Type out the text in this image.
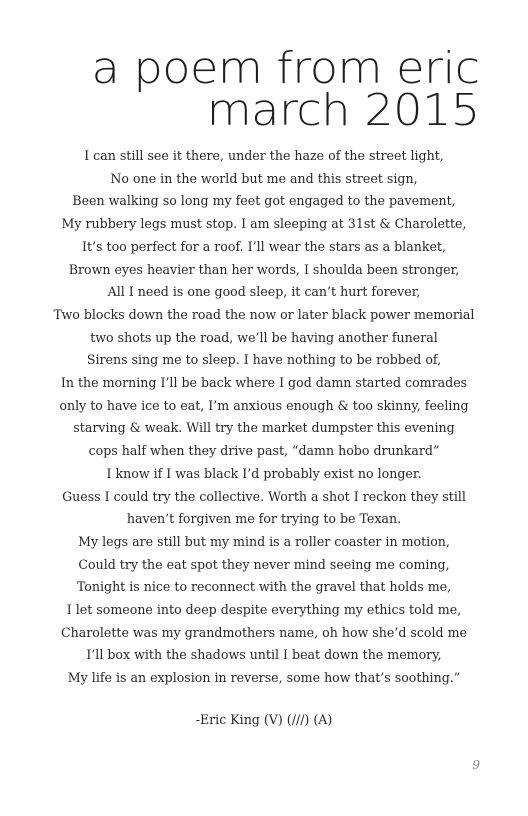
a poem from eric
march 2015
I can still see it there, under the haze of the street light,
No one in the world but me and this street sign,
Been walking so long my feet got engaged to the pavement,
My rubbery legs must stop. I am sleeping at 31st & Charolette,
It’s too perfect for a roof. I’ll wear the stars as a blanket,
Brown eyes heavier than her words, I shoulda been stronger,
All I need is one good sleep, it can’t hurt forever,
Two blocks down the road the now or later black power memorial
two shots up the road, we’ll be having another funeral
Sirens sing me to sleep. I have nothing to be robbed of,
In the morning I’ll be back where I god damn started comrades
only to have ice to eat, I’m anxious enough & too skinny, feeling
starving & weak. Will try the market dumpster this evening
cops half when they drive past, “damn hobo drunkard”
I know if I was black I’d probably exist no longer.
Guess I could try the collective. Worth a shot I reckon they still
haven’t forgiven me for trying to be Texan.
My legs are still but my mind is a roller coaster in motion,
Could try the eat spot they never mind seeing me coming,
Tonight is nice to reconnect with the gravel that holds me,
I let someone into deep despite everything my ethics told me,
Charolette was my grandmothers name, oh how she’d scold me
I’ll box with the shadows until I beat down the memory,
My life is an explosion in reverse, some how that’s soothing.”
-Eric King (V) (///) (A)
9
